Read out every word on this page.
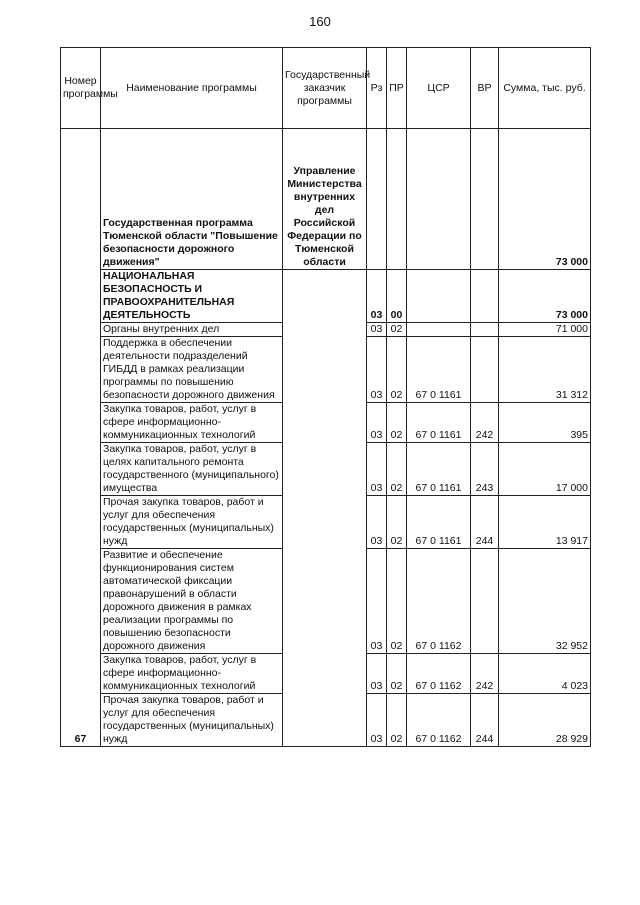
160
Номер программы	Наименование программы	Государственный заказчик программы	Рз	ПР	ЦСР	ВР	Сумма, тыс. руб.
67	Государственная программа Тюменской области "Повышение безопасности дорожного движения"	Управление Министерства внутренних дел Российской Федерации по Тюменской области					73 000
	НАЦИОНАЛЬНАЯ БЕЗОПАСНОСТЬ И ПРАВООХРАНИТЕЛЬНАЯ ДЕЯТЕЛЬНОСТЬ		03	00			73 000
	Органы внутренних дел		03	02			71 000
	Поддержка в обеспечении деятельности подразделений ГИБДД в рамках реализации программы по повышению безопасности дорожного движения		03	02	67 0 1161		31 312
	Закупка товаров, работ, услуг в сфере информационно-коммуникационных технологий		03	02	67 0 1161	242	395
	Закупка товаров, работ, услуг в целях капитального ремонта государственного (муниципального) имущества		03	02	67 0 1161	243	17 000
	Прочая закупка товаров, работ и услуг для обеспечения государственных (муниципальных) нужд		03	02	67 0 1161	244	13 917
	Развитие и обеспечение функционирования систем автоматической фиксации правонарушений в области дорожного движения в рамках реализации программы по повышению безопасности дорожного движения		03	02	67 0 1162		32 952
	Закупка товаров, работ, услуг в сфере информационно-коммуникационных технологий		03	02	67 0 1162	242	4 023
	Прочая закупка товаров, работ и услуг для обеспечения государственных (муниципальных) нужд		03	02	67 0 1162	244	28 929
